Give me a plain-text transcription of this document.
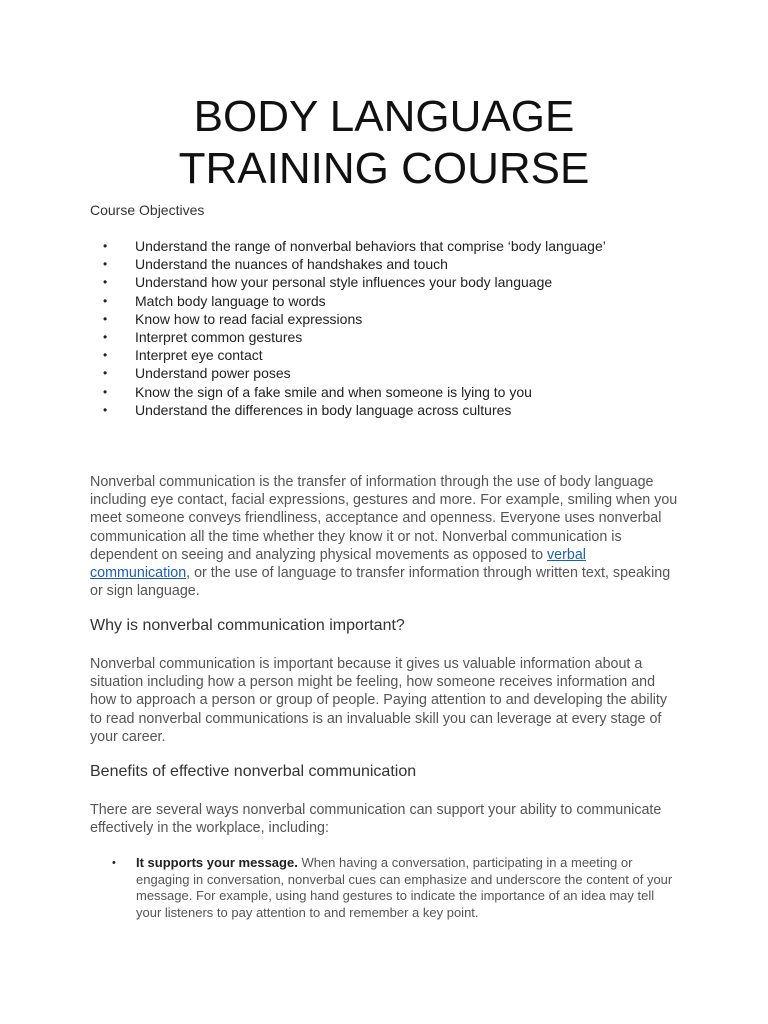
BODY LANGUAGE
TRAINING COURSE
Course Objectives
• Understand the range of nonverbal behaviors that comprise ‘body language’
• Understand the nuances of handshakes and touch
• Understand how your personal style influences your body language
• Match body language to words
• Know how to read facial expressions
• Interpret common gestures
• Interpret eye contact
• Understand power poses
• Know the sign of a fake smile and when someone is lying to you
• Understand the differences in body language across cultures

Nonverbal communication is the transfer of information through the use of body language including eye contact, facial expressions, gestures and more. For example, smiling when you meet someone conveys friendliness, acceptance and openness. Everyone uses nonverbal communication all the time whether they know it or not. Nonverbal communication is dependent on seeing and analyzing physical movements as opposed to verbal communication, or the use of language to transfer information through written text, speaking or sign language.

Why is nonverbal communication important?

Nonverbal communication is important because it gives us valuable information about a situation including how a person might be feeling, how someone receives information and how to approach a person or group of people. Paying attention to and developing the ability to read nonverbal communications is an invaluable skill you can leverage at every stage of your career.

Benefits of effective nonverbal communication

There are several ways nonverbal communication can support your ability to communicate effectively in the workplace, including:

•	It supports your message. When having a conversation, participating in a meeting or engaging in conversation, nonverbal cues can emphasize and underscore the content of your message. For example, using hand gestures to indicate the importance of an idea may tell your listeners to pay attention to and remember a key point.
